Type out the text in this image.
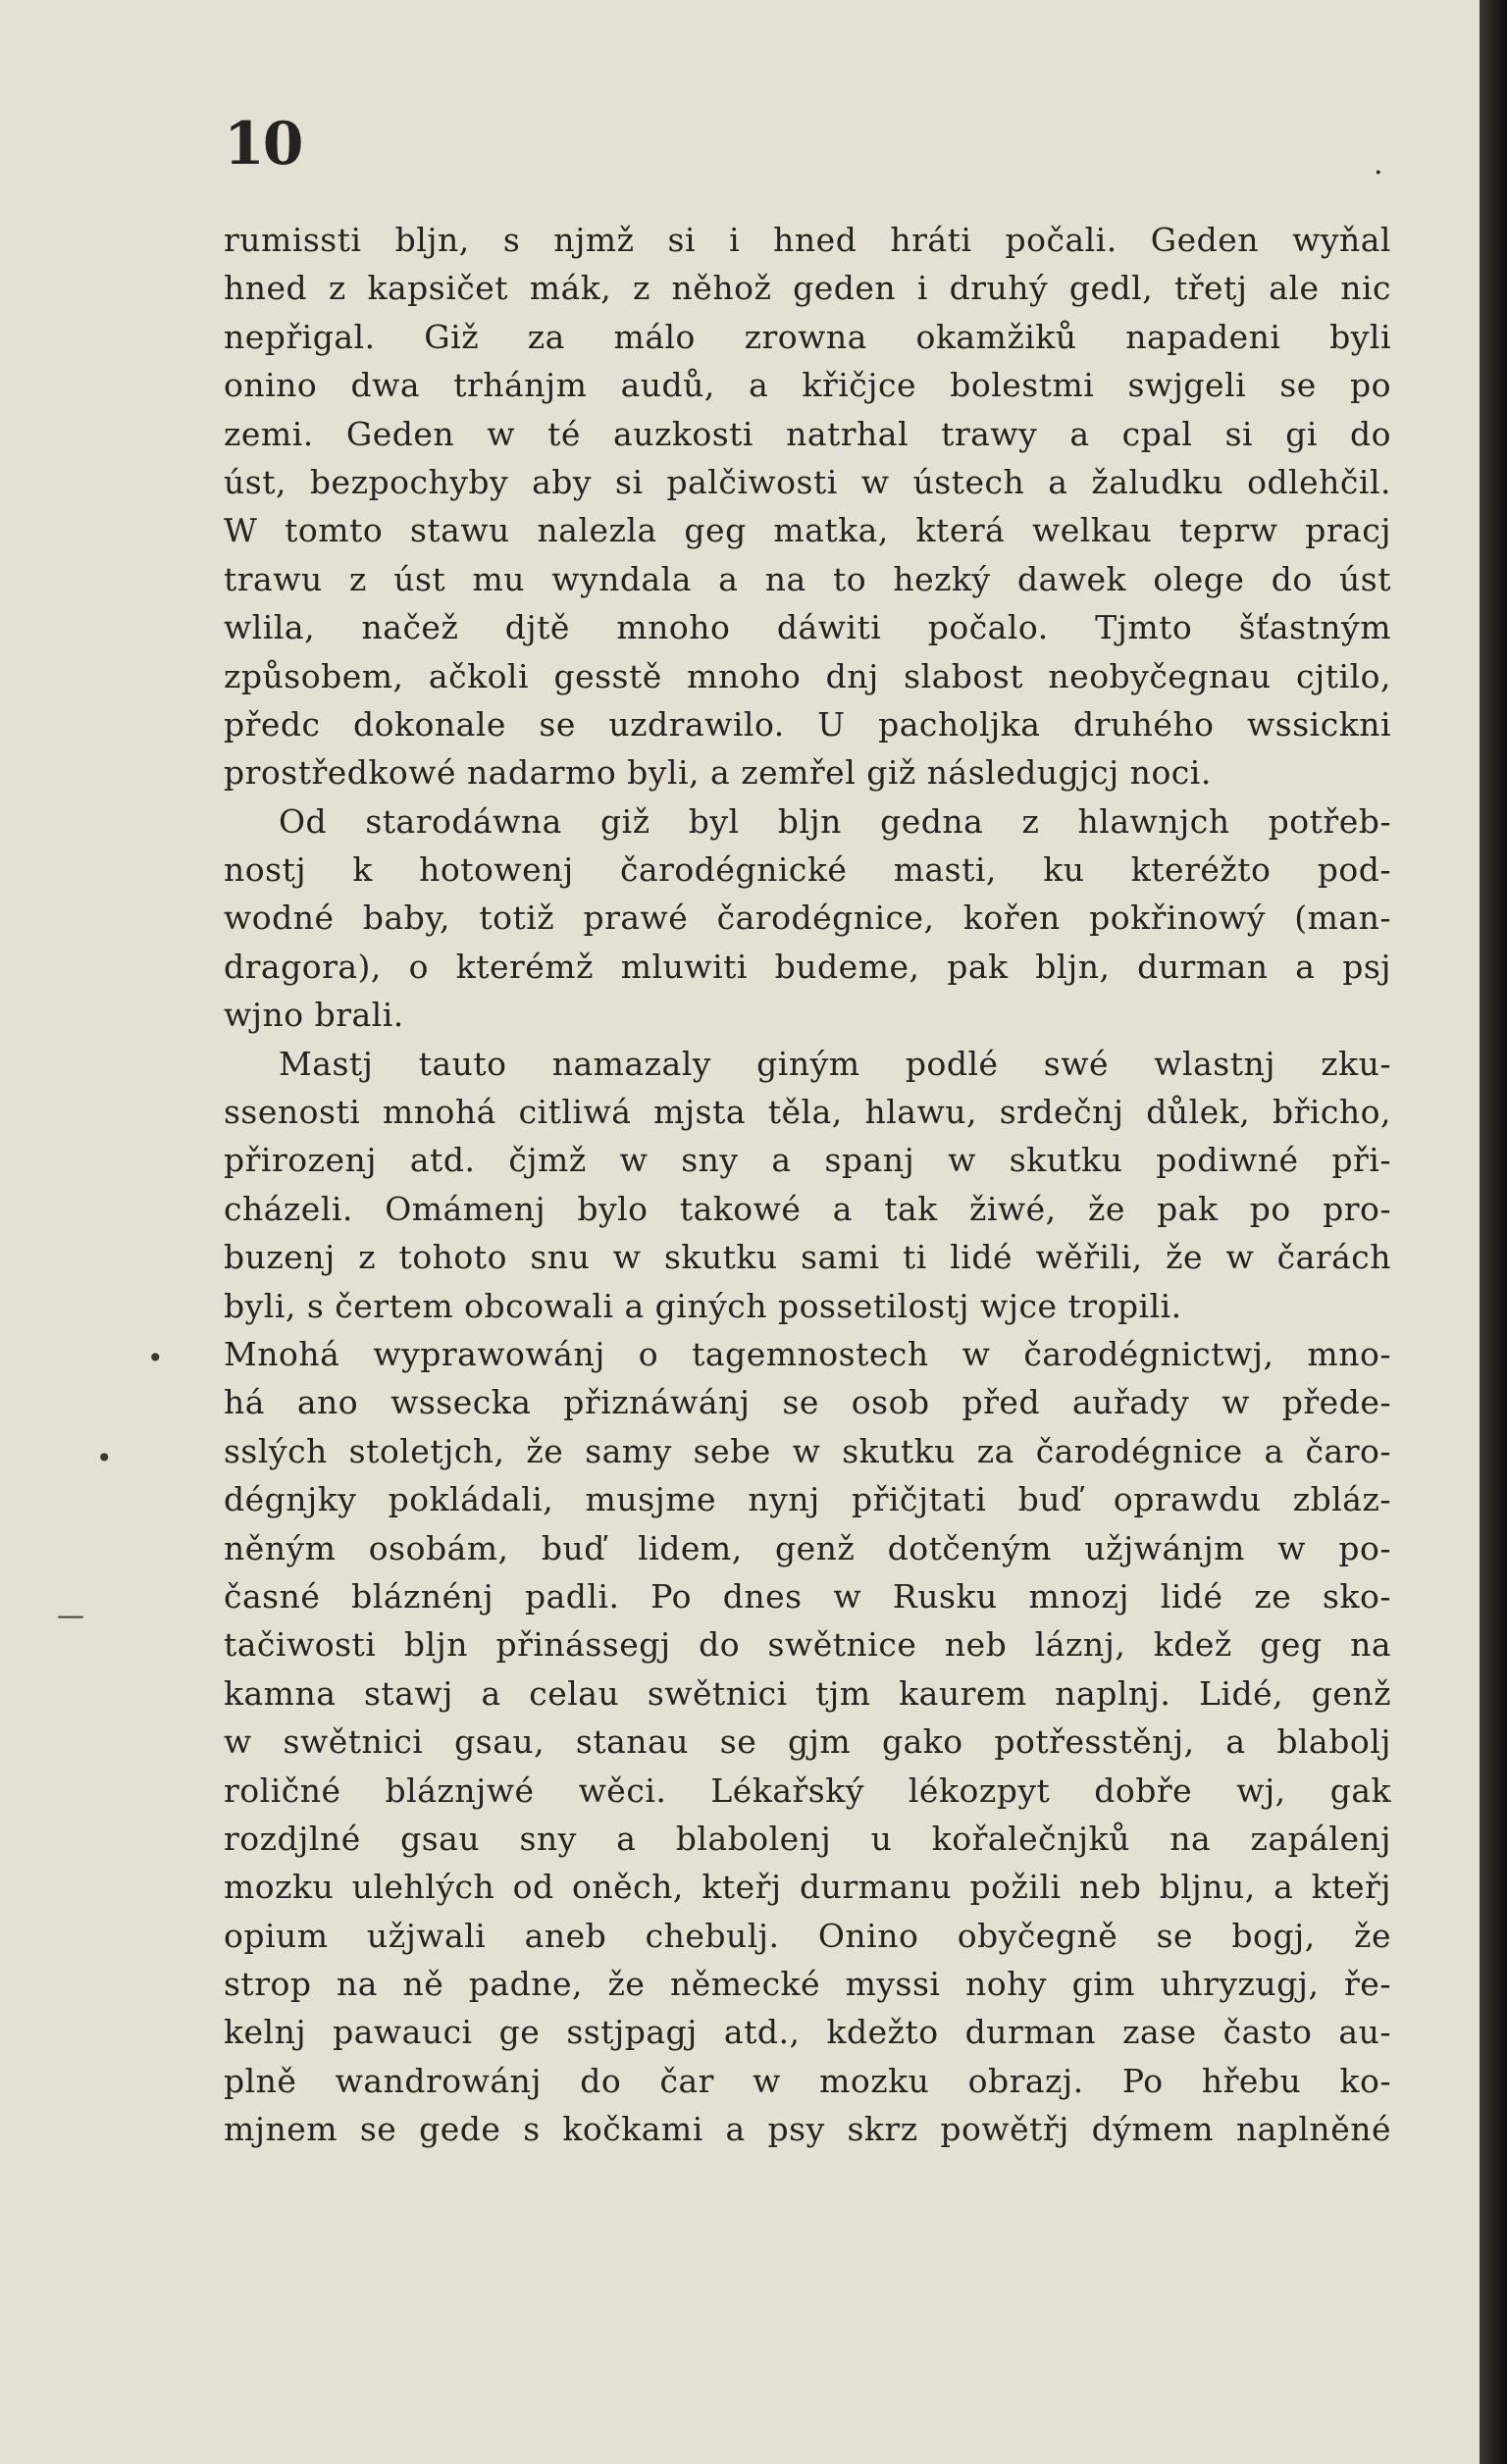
10	.

•

•

—

rumissti bljn, s njmž si i hned hráti počali. Geden wyňal
hned z kapsičet mák, z něhož geden i druhý gedl, třetj ale nic
nepřigal. Giž za málo zrowna okamžiků napadeni byli
onino dwa trhánjm audů, a křičjce bolestmi swjgeli se po
zemi. Geden w té auzkosti natrhal trawy a cpal si gi do
úst, bezpochyby aby si palčiwosti w ústech a žaludku odlehčil.
W tomto stawu nalezla geg matka, která welkau teprw pracj
trawu z úst mu wyndala a na to hezký dawek olege do úst
wlila, načež djtě mnoho dáwiti počalo. Tjmto šťastným
způsobem, ačkoli gesstě mnoho dnj slabost neobyčegnau cjtilo,
předc dokonale se uzdrawilo. U pacholjka druhého wssickni
prostředkowé nadarmo byli, a zemřel giž následugjcj noci.
Od starodáwna giž byl bljn gedna z hlawnjch potřeb-
nostj k hotowenj čarodégnické masti, ku kteréžto pod-
wodné baby, totiž prawé čarodégnice, kořen pokřinowý (man-
dragora), o kterémž mluwiti budeme, pak bljn, durman a psj
wjno brali.
Mastj tauto namazaly giným podlé swé wlastnj zku-
ssenosti mnohá citliwá mjsta těla, hlawu, srdečnj důlek, břicho,
přirozenj atd. čjmž w sny a spanj w skutku podiwné při-
cházeli. Omámenj bylo takowé a tak žiwé, že pak po pro-
buzenj z tohoto snu w skutku sami ti lidé wěřili, že w čarách
byli, s čertem obcowali a giných possetilostj wjce tropili.
Mnohá wyprawowánj o tagemnostech w čarodégnictwj, mno-
há ano wssecka přiznáwánj se osob před auřady w přede-
sslých stoletjch, že samy sebe w skutku za čarodégnice a čaro-
dégnjky pokládali, musjme nynj přičjtati buď oprawdu zbláz-
něným osobám, buď lidem, genž dotčeným užjwánjm w po-
časné bláznénj padli. Po dnes w Rusku mnozj lidé ze sko-
tačiwosti bljn přinássegj do swětnice neb láznj, kdež geg na
kamna stawj a celau swětnici tjm kaurem naplnj. Lidé, genž
w swětnici gsau, stanau se gjm gako potřesstěnj, a blabolj
roličné bláznjwé wěci. Lékařský lékozpyt dobře wj, gak
rozdjlné gsau sny a blabolenj u kořalečnjků na zapálenj
mozku ulehlých od oněch, kteřj durmanu požili neb bljnu, a kteřj
opium užjwali aneb chebulj. Onino obyčegně se bogj, že
strop na ně padne, že německé myssi nohy gim uhryzugj, ře-
kelnj pawauci ge sstjpagj atd., kdežto durman zase často au-
plně wandrowánj do čar w mozku obrazj. Po hřebu ko-
mjnem se gede s kočkami a psy skrz powětřj dýmem naplněné
